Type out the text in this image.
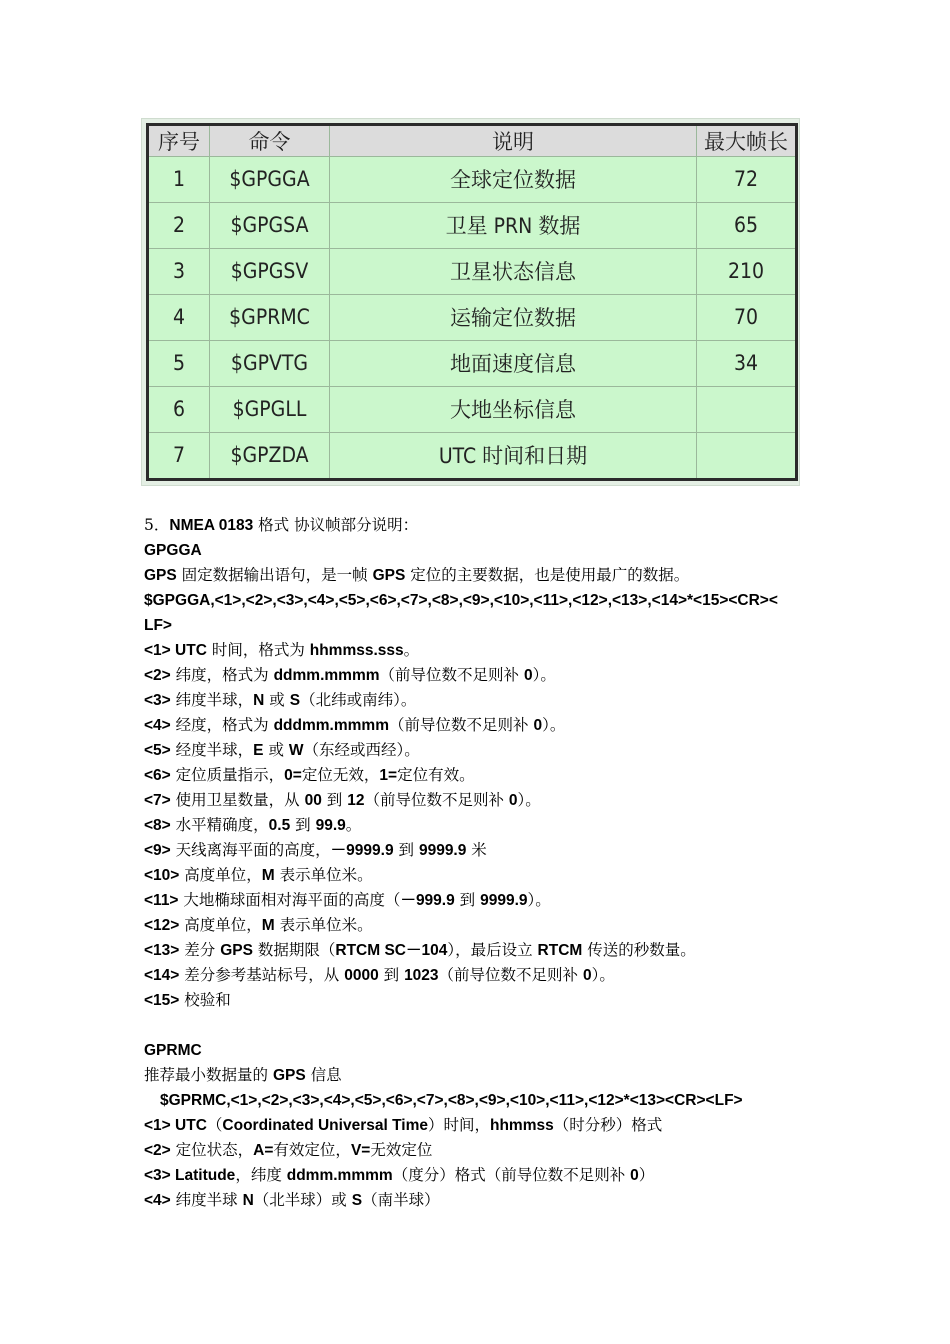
序号	命令	说明	最大帧长
1	$GPGGA	全球定位数据	72
2	$GPGSA	卫星 PRN 数据	65
3	$GPGSV	卫星状态信息	210
4	$GPRMC	运输定位数据	70
5	$GPVTG	地面速度信息	34
6	$GPGLL	大地坐标信息	
7	$GPZDA	UTC 时间和日期	
5．NMEA 0183 格式 协议帧部分说明：
GPGGA
GPS 固定数据输出语句，是一帧 GPS 定位的主要数据，也是使用最广的数据。
$GPGGA,<1>,<2>,<3>,<4>,<5>,<6>,<7>,<8>,<9>,<10>,<11>,<12>,<13>,<14>*<15><CR><
LF>
<1> UTC 时间，格式为 hhmmss.sss。
<2> 纬度，格式为 ddmm.mmmm（前导位数不足则补 0）。
<3> 纬度半球，N 或 S（北纬或南纬）。
<4> 经度，格式为 dddmm.mmmm（前导位数不足则补 0）。
<5> 经度半球，E 或 W（东经或西经）。
<6> 定位质量指示，0=定位无效，1=定位有效。
<7> 使用卫星数量，从 00 到 12（前导位数不足则补 0）。
<8> 水平精确度，0.5 到 99.9。
<9> 天线离海平面的高度，－9999.9 到 9999.9 米
<10> 高度单位，M 表示单位米。
<11> 大地椭球面相对海平面的高度（－999.9 到 9999.9）。
<12> 高度单位，M 表示单位米。
<13> 差分 GPS 数据期限（RTCM SC－104），最后设立 RTCM 传送的秒数量。
<14> 差分参考基站标号，从 0000 到 1023（前导位数不足则补 0）。
<15> 校验和
GPRMC
推荐最小数据量的 GPS 信息
$GPRMC,<1>,<2>,<3>,<4>,<5>,<6>,<7>,<8>,<9>,<10>,<11>,<12>*<13><CR><LF>
<1> UTC（Coordinated Universal Time）时间，hhmmss（时分秒）格式
<2> 定位状态，A=有效定位，V=无效定位
<3> Latitude，纬度 ddmm.mmmm（度分）格式（前导位数不足则补 0）
<4> 纬度半球 N（北半球）或 S（南半球）
